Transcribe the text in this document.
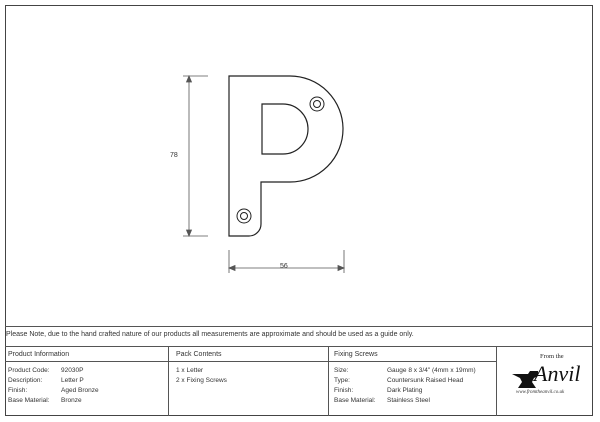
78
56
Please Note, due to the hand crafted nature of our products all measurements are approximate and should be used as a guide only.
Product Information	Pack Contents	Fixing Screws
Product Code: 92030P
Description:	Letter P
Finish:	Aged Bronze
Base Material: Bronze
1 x Letter
2 x Fixing Screws
Size:	Gauge 8 x 3/4" (4mm x 19mm)
Type:	Countersunk Raised Head
Finish:	Dark Plating
Base Material: Stainless Steel
From the
Anvil
www.fromtheanvil.co.uk
